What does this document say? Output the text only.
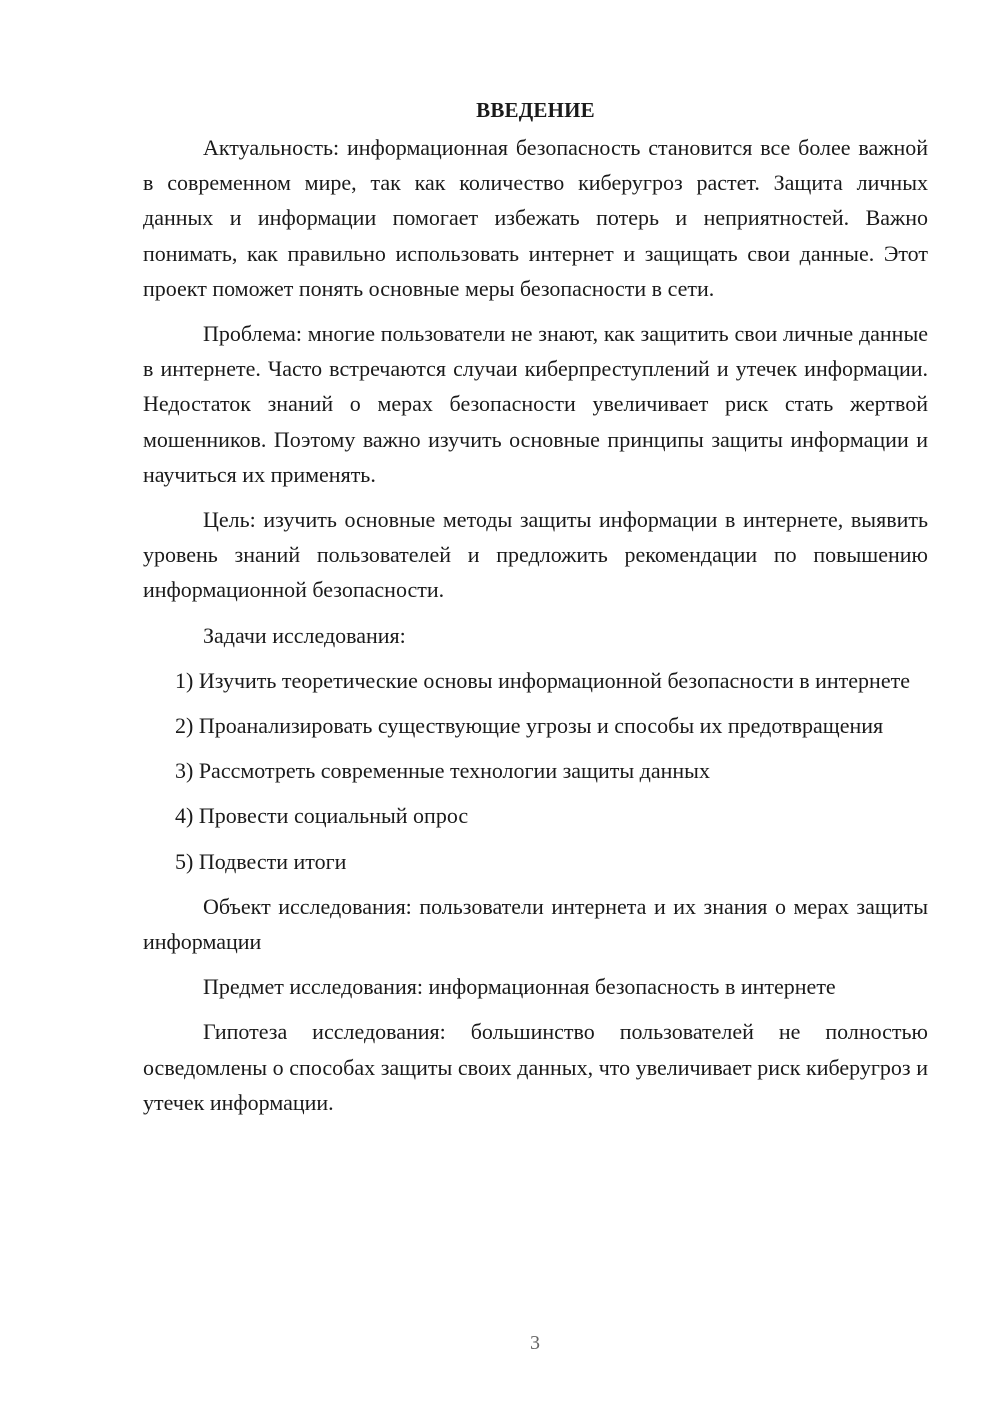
ВВЕДЕНИЕ

Актуальность: информационная безопасность становится все более важной в современном мире, так как количество киберугроз растет. Защита личных данных и информации помогает избежать потерь и неприятностей. Важно понимать, как правильно использовать интернет и защищать свои данные. Этот проект поможет понять основные меры безопасности в сети.

Проблема: многие пользователи не знают, как защитить свои личные данные в интернете. Часто встречаются случаи киберпреступлений и утечек информации. Недостаток знаний о мерах безопасности увеличивает риск стать жертвой мошенников. Поэтому важно изучить основные принципы защиты информации и научиться их применять.

Цель: изучить основные методы защиты информации в интернете, выявить уровень знаний пользователей и предложить рекомендации по повышению информационной безопасности.

Задачи исследования:

1) Изучить теоретические основы информационной безопасности в интернете

2) Проанализировать существующие угрозы и способы их предотвращения

3) Рассмотреть современные технологии защиты данных

4) Провести социальный опрос

5) Подвести итоги

Объект исследования: пользователи интернета и их знания о мерах защиты информации

Предмет исследования: информационная безопасность в интернете

Гипотеза исследования: большинство пользователей не полностью осведомлены о способах защиты своих данных, что увеличивает риск киберугроз и утечек информации.

3
